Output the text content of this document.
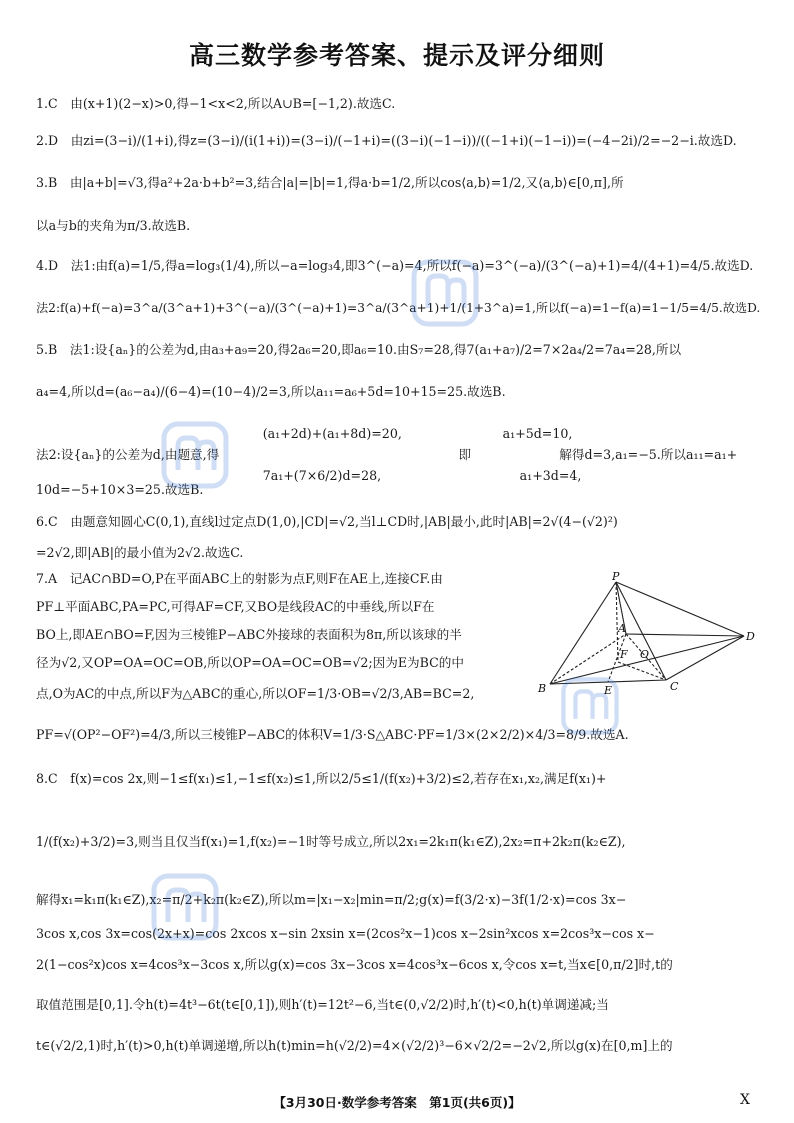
高三数学参考答案、提示及评分细则
1.C　由(x+1)(2−x)>0,得−1<x<2,所以A∪B=[−1,2).故选C.
2.D　由zi=(3−i)/(1+i),得z=(3−i)/(i(1+i))=(3−i)/(−1+i)=((3−i)(−1−i))/((−1+i)(−1−i))=(−4−2i)/2=−2−i.故选D.
3.B　由|a+b|=√3,得a²+2a·b+b²=3,结合|a|=|b|=1,得a·b=1/2,所以cos⟨a,b⟩=1/2,又⟨a,b⟩∈[0,π],所
以a与b的夹角为π/3.故选B.
4.D　法1:由f(a)=1/5,得a=log₃(1/4),所以−a=log₃4,即3^(−a)=4,所以f(−a)=3^(−a)/(3^(−a)+1)=4/(4+1)=4/5.故选D.
法2:f(a)+f(−a)=3^a/(3^a+1)+3^(−a)/(3^(−a)+1)=3^a/(3^a+1)+1/(1+3^a)=1,所以f(−a)=1−f(a)=1−1/5=4/5.故选D.
5.B　法1:设{aₙ}的公差为d,由a₃+a₉=20,得2a₆=20,即a₆=10.由S₇=28,得7(a₁+a₇)/2=7×2a₄/2=7a₄=28,所以
a₄=4,所以d=(a₆−a₄)/(6−4)=(10−4)/2=3,所以a₁₁=a₆+5d=10+15=25.故选B.
　　　　　　　　　　　　　　　　　　(a₁+2d)+(a₁+8d)=20,　　　　　　　　a₁+5d=10,
法2:设{aₙ}的公差为d,由题意,得　　　　　　　　　　　　　　　　　　　即　　　　　　　解得d=3,a₁=−5.所以a₁₁=a₁+
　　　　　　　　　　　　　　　　　　7a₁+(7×6/2)d=28,　　　　　　　　　　　a₁+3d=4,
10d=−5+10×3=25.故选B.
6.C　由题意知圆心C(0,1),直线l过定点D(1,0),|CD|=√2,当l⊥CD时,|AB|最小,此时|AB|=2√(4−(√2)²)
=2√2,即|AB|的最小值为2√2.故选C.
7.A　记AC∩BD=O,P在平面ABC上的射影为点F,则F在AE上,连接CF.由
PF⊥平面ABC,PA=PC,可得AF=CF,又BO是线段AC的中垂线,所以F在
BO上,即AE∩BO=F,因为三棱锥P−ABC外接球的表面积为8π,所以该球的半
径为√2,又OP=OA=OC=OB,所以OP=OA=OC=OB=√2;因为E为BC的中
点,O为AC的中点,所以F为△ABC的重心,所以OF=1/3·OB=√2/3,AB=BC=2,
PF=√(OP²−OF²)=4/3,所以三棱锥P−ABC的体积V=1/3·S△ABC·PF=1/3×(2×2/2)×4/3=8/9.故选A.
8.C　f(x)=cos 2x,则−1≤f(x₁)≤1,−1≤f(x₂)≤1,所以2/5≤1/(f(x₂)+3/2)≤2,若存在x₁,x₂,满足f(x₁)+
1/(f(x₂)+3/2)=3,则当且仅当f(x₁)=1,f(x₂)=−1时等号成立,所以2x₁=2k₁π(k₁∈Z),2x₂=π+2k₂π(k₂∈Z),
解得x₁=k₁π(k₁∈Z),x₂=π/2+k₂π(k₂∈Z),所以m=|x₁−x₂|min=π/2;g(x)=f(3/2·x)−3f(1/2·x)=cos 3x−
3cos x,cos 3x=cos(2x+x)=cos 2xcos x−sin 2xsin x=(2cos²x−1)cos x−2sin²xcos x=2cos³x−cos x−
2(1−cos²x)cos x=4cos³x−3cos x,所以g(x)=cos 3x−3cos x=4cos³x−6cos x,令cos x=t,当x∈[0,π/2]时,t的
取值范围是[0,1].令h(t)=4t³−6t(t∈[0,1]),则h′(t)=12t²−6,当t∈(0,√2/2)时,h′(t)<0,h(t)单调递减;当
t∈(√2/2,1)时,h′(t)>0,h(t)单调递增,所以h(t)min=h(√2/2)=4×(√2/2)³−6×√2/2=−2√2,所以g(x)在[0,m]上的
P
A
F O
D
B	E	C
【3月30日·数学参考答案　第1页(共6页)】	X
